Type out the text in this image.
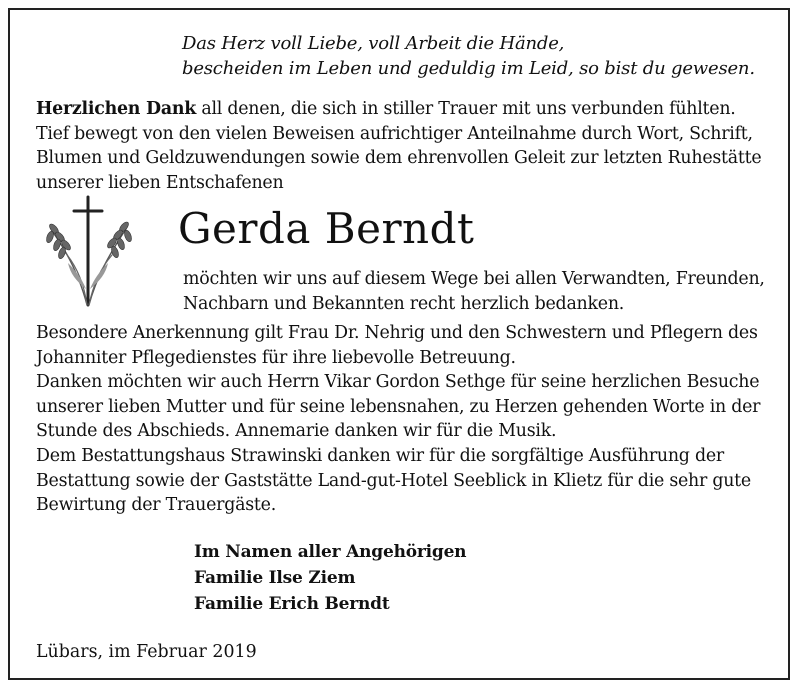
Das Herz voll Liebe, voll Arbeit die Hände,
bescheiden im Leben und geduldig im Leid, so bist du gewesen.
Herzlichen Dank all denen, die sich in stiller Trauer mit uns verbunden fühlten.
Tief bewegt von den vielen Beweisen aufrichtiger Anteilnahme durch Wort, Schrift,
Blumen und Geldzuwendungen sowie dem ehrenvollen Geleit zur letzten Ruhestätte
unserer lieben Entschafenen
Gerda Berndt
möchten wir uns auf diesem Wege bei allen Verwandten, Freunden,
Nachbarn und Bekannten recht herzlich bedanken.
Besondere Anerkennung gilt Frau Dr. Nehrig und den Schwestern und Pflegern des
Johanniter Pflegedienstes für ihre liebevolle Betreuung.
Danken möchten wir auch Herrn Vikar Gordon Sethge für seine herzlichen Besuche
unserer lieben Mutter und für seine lebensnahen, zu Herzen gehenden Worte in der
Stunde des Abschieds. Annemarie danken wir für die Musik.
Dem Bestattungshaus Strawinski danken wir für die sorgfältige Ausführung der
Bestattung sowie der Gaststätte Land-gut-Hotel Seeblick in Klietz für die sehr gute
Bewirtung der Trauergäste.
Im Namen aller Angehörigen
Familie Ilse Ziem
Familie Erich Berndt
Lübars, im Februar 2019
